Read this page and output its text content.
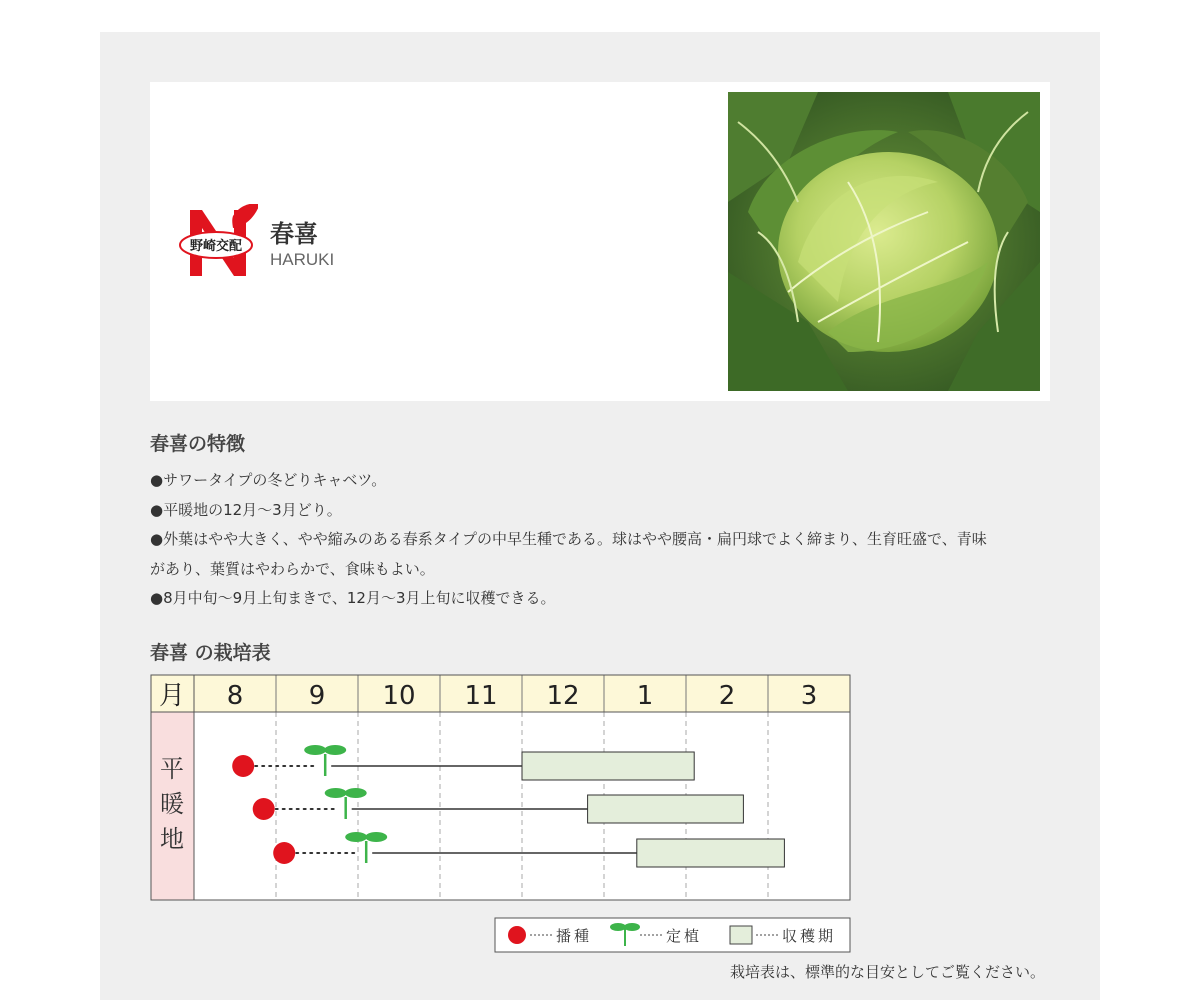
野崎交配 春喜
HARUKI
春喜の特徴
●サワータイプの冬どりキャベツ。
●平暖地の12月〜3月どり。
●外葉はやや大きく、やや縮みのある春系タイプの中早生種である。球はやや腰高・扁円球でよく締まり、生育旺盛で、青味
があり、葉質はやわらかで、食味もよい。
●8月中旬〜9月上旬まきで、12月〜3月上旬に収穫できる。
春喜 の栽培表
月 8	9 10 11 12 1	2	3
平暖地
播種	定植	収穫期
栽培表は、標準的な目安としてご覧ください。
